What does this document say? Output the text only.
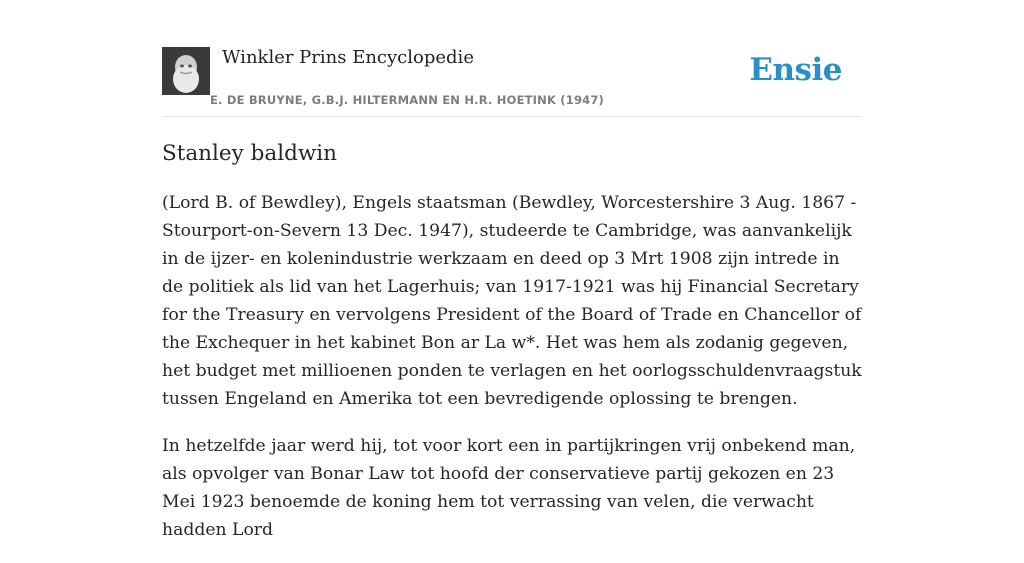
Winkler Prins Encyclopedie
E. DE BRUYNE, G.B.J. HILTERMANN EN H.R. HOETINK (1947)
Ensie
Stanley baldwin

(Lord B. of Bewdley), Engels staatsman (Bewdley, Worcestershire 3 Aug. 1867 - Stourport-on-Severn 13 Dec. 1947), studeerde te Cambridge, was aanvankelijk in de ijzer- en kolenindustrie werkzaam en deed op 3 Mrt 1908 zijn intrede in de politiek als lid van het Lagerhuis; van 1917-1921 was hij Financial Secretary for the Treasury en vervolgens President of the Board of Trade en Chancellor of the Exchequer in het kabinet Bon ar La w*. Het was hem als zodanig gegeven, het budget met millioenen ponden te verlagen en het oorlogsschuldenvraagstuk tussen Engeland en Amerika tot een bevredigende oplossing te brengen.

In hetzelfde jaar werd hij, tot voor kort een in partijkringen vrij onbekend man, als opvolger van Bonar Law tot hoofd der conservatieve partij gekozen en 23 Mei 1923 benoemde de koning hem tot verrassing van velen, die verwacht hadden Lord
